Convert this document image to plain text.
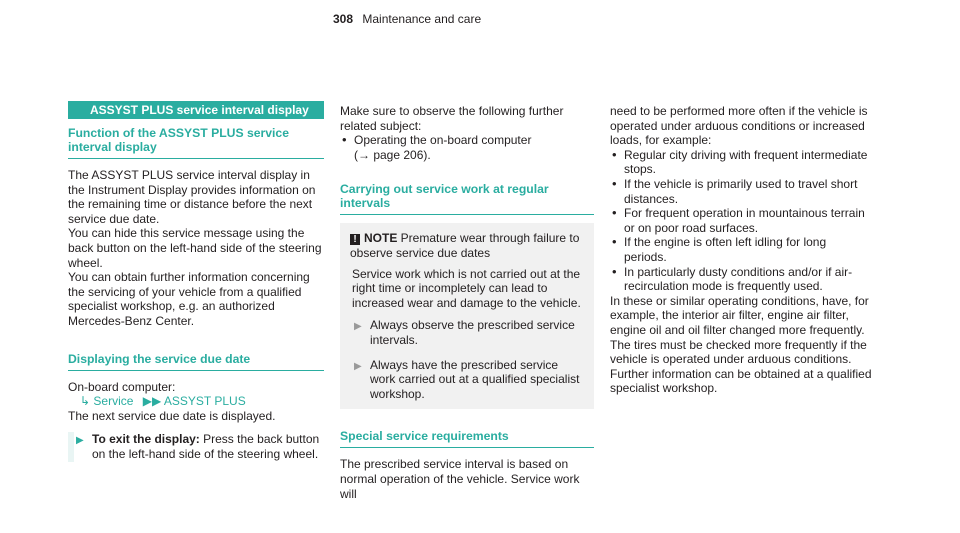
308 Maintenance and care
ASSYST PLUS service interval display
Function of the ASSYST PLUS service interval display

The ASSYST PLUS service interval display in the Instrument Display provides information on the remaining time or distance before the next service due date.

You can hide this service message using the back button on the left-hand side of the steering wheel.

You can obtain further information concerning the servicing of your vehicle from a qualified specialist workshop, e.g. an authorized Mercedes-Benz Center.

Displaying the service due date

On-board computer:

↳ Service ▶▶ ASSYST PLUS

The next service due date is displayed.

▶ To exit the display: Press the back button on the left-hand side of the steering wheel.

Make sure to observe the following further related subject:

• Operating the on-board computer
(→ page 206).
Carrying out service work at regular intervals

! NOTE Premature wear through failure to observe service due dates

Service work which is not carried out at the right time or incompletely can lead to increased wear and damage to the vehicle.

▶ Always observe the prescribed service intervals.
▶ Always have the prescribed service work carried out at a qualified specialist workshop.
Special service requirements

The prescribed service interval is based on normal operation of the vehicle. Service work will

need to be performed more often if the vehicle is operated under arduous conditions or increased loads, for example:

• Regular city driving with frequent intermediate stops.
• If the vehicle is primarily used to travel short distances.
• For frequent operation in mountainous terrain or on poor road surfaces.
• If the engine is often left idling for long periods.
• In particularly dusty conditions and/or if air-recirculation mode is frequently used.

In these or similar operating conditions, have, for example, the interior air filter, engine air filter, engine oil and oil filter changed more frequently. The tires must be checked more frequently if the vehicle is operated under arduous conditions. Further information can be obtained at a qualified specialist workshop.
